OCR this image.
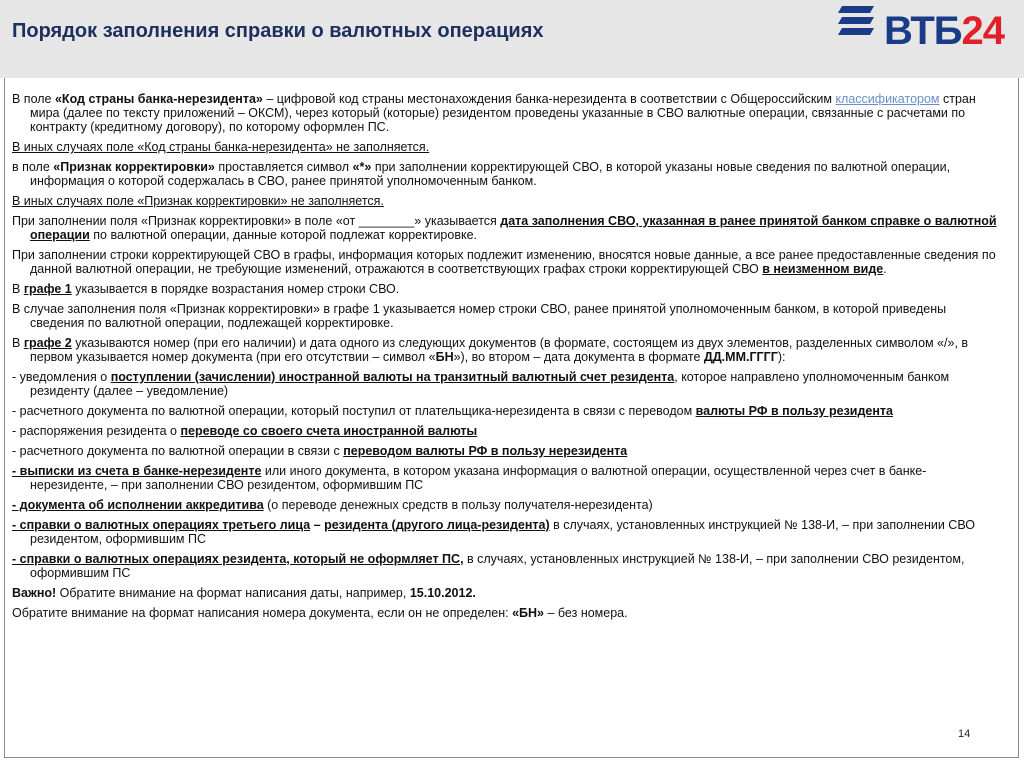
Порядок заполнения справки о валютных операциях	ВТБ24

В поле «Код страны банка-нерезидента» – цифровой код страны местонахождения банка-нерезидента в соответствии с Общероссийским классификатором стран мира (далее по тексту приложений – ОКСМ), через который (которые) резидентом проведены указанные в СВО валютные операции, связанные с расчетами по контракту (кредитному договору), по которому оформлен ПС.

В иных случаях поле «Код страны банка-нерезидента» не заполняется.

в поле «Признак корректировки» проставляется символ «*» при заполнении корректирующей СВО, в которой указаны новые сведения по валютной операции, информация о которой содержалась в СВО, ранее принятой уполномоченным банком.

В иных случаях поле «Признак корректировки» не заполняется.

При заполнении поля «Признак корректировки» в поле «от ________» указывается дата заполнения СВО, указанная в ранее принятой банком справке о валютной операции по валютной операции, данные которой подлежат корректировке.

При заполнении строки корректирующей СВО в графы, информация которых подлежит изменению, вносятся новые данные, а все ранее предоставленные сведения по данной валютной операции, не требующие изменений, отражаются в соответствующих графах строки корректирующей СВО в неизменном виде.

В графе 1 указывается в порядке возрастания номер строки СВО.

В случае заполнения поля «Признак корректировки» в графе 1 указывается номер строки СВО, ранее принятой уполномоченным банком, в которой приведены сведения по валютной операции, подлежащей корректировке.

В графе 2 указываются номер (при его наличии) и дата одного из следующих документов (в формате, состоящем из двух элементов, разделенных символом «/», в первом указывается номер документа (при его отсутствии – символ «БН»), во втором – дата документа в формате ДД.ММ.ГГГГ):

- уведомления о поступлении (зачислении) иностранной валюты на транзитный валютный счет резидента, которое направлено уполномоченным банком резиденту (далее – уведомление)

- расчетного документа по валютной операции, который поступил от плательщика-нерезидента в связи с переводом валюты РФ в пользу резидента

- распоряжения резидента о переводе со своего счета иностранной валюты

- расчетного документа по валютной операции в связи с переводом валюты РФ в пользу нерезидента

- выписки из счета в банке-нерезиденте или иного документа, в котором указана информация о валютной операции, осуществленной через счет в банке-нерезиденте, – при заполнении СВО резидентом, оформившим ПС

- документа об исполнении аккредитива (о переводе денежных средств в пользу получателя-нерезидента)

- справки о валютных операциях третьего лица – резидента (другого лица-резидента) в случаях, установленных инструкцией № 138-И, – при заполнении СВО резидентом, оформившим ПС

- справки о валютных операциях резидента, который не оформляет ПС, в случаях, установленных инструкцией № 138-И, – при заполнении СВО резидентом, оформившим ПС

Важно! Обратите внимание на формат написания даты, например, 15.10.2012.

Обратите внимание на формат написания номера документа, если он не определен: «БН» – без номера.

14
